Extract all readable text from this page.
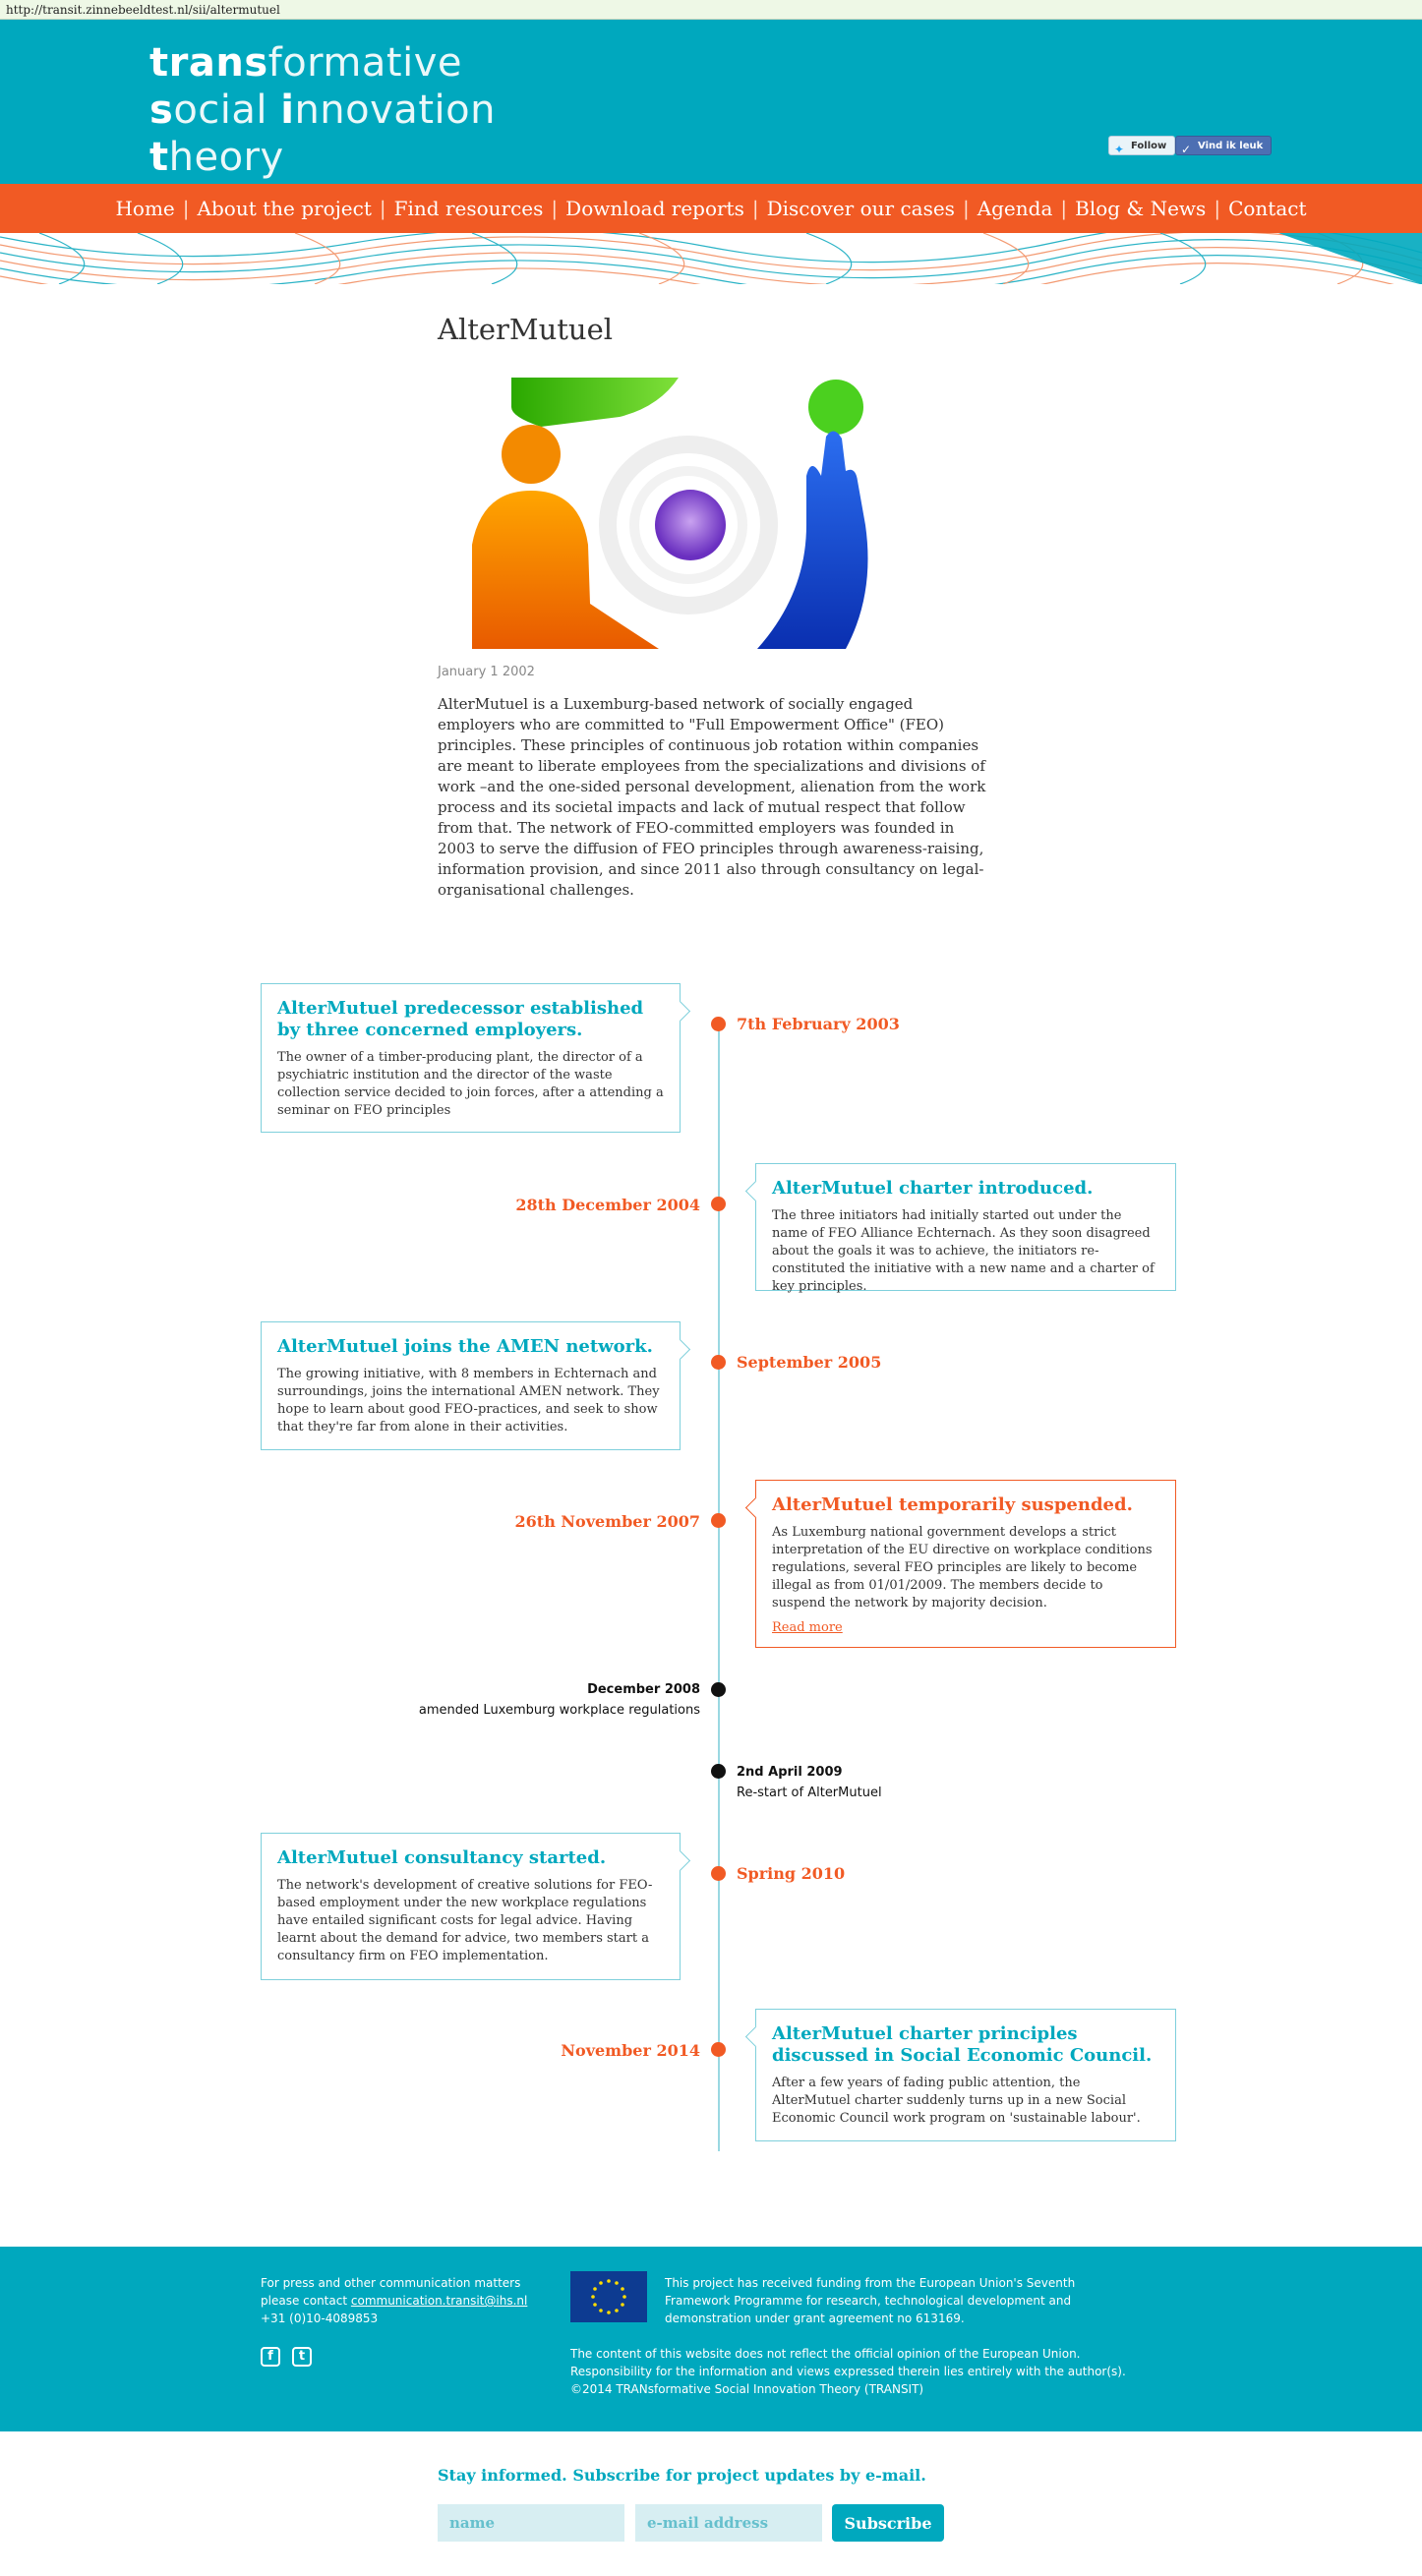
http://transit.zinnebeeldtest.nl/sii/altermutuel
transformative
social innovation
theory	✦ Follow	✓ Vind ik leuk
Home | About the project | Find resources | Download reports | Discover our cases | Agenda | Blog & News | Contact
AlterMutuel
January 1 2002
AlterMutuel is a Luxemburg-based network of socially engaged employers who are committed to "Full Empowerment Office" (FEO) principles. These principles of continuous job rotation within companies are meant to liberate employees from the specializations and divisions of work –and the one-sided personal development, alienation from the work process and its societal impacts and lack of mutual respect that follow from that. The network of FEO-committed employers was founded in 2003 to serve the diffusion of FEO principles through awareness-raising, information provision, and since 2011 also through consultancy on legal-organisational challenges.
AlterMutuel predecessor established by three concerned employers.

The owner of a timber-producing plant, the director of a psychiatric institution and the director of the waste collection service decided to join forces, after a attending a seminar on FEO principles

7th February 2003
AlterMutuel charter introduced.

The three initiators had initially started out under the name of FEO Alliance Echternach. As they soon disagreed about the goals it was to achieve, the initiators re-constituted the initiative with a new name and a charter of key principles.

28th December 2004
AlterMutuel joins the AMEN network.

The growing initiative, with 8 members in Echternach and surroundings, joins the international AMEN network. They hope to learn about good FEO-practices, and seek to show that they're far from alone in their activities.

September 2005
AlterMutuel temporarily suspended.

As Luxemburg national government develops a strict interpretation of the EU directive on workplace conditions regulations, several FEO principles are likely to become illegal as from 01/01/2009. The members decide to suspend the network by majority decision.

Read more
26th November 2007
December 2008
amended Luxemburg workplace regulations
2nd April 2009
Re-start of AlterMutuel
AlterMutuel consultancy started.

The network's development of creative solutions for FEO-based employment under the new workplace regulations have entailed significant costs for legal advice. Having learnt about the demand for advice, two members start a consultancy firm on FEO implementation.

Spring 2010
AlterMutuel charter principles discussed in Social Economic Council.

After a few years of fading public attention, the AlterMutuel charter suddenly turns up in a new Social Economic Council work program on 'sustainable labour'.

November 2014
For press and other communication matters please contact communication.transit@ihs.nl
+31 (0)10-4089853
f t
This project has received funding from the European Union's Seventh Framework Programme for research, technological development and demonstration under grant agreement no 613169.
The content of this website does not reflect the official opinion of the European Union. Responsibility for the information and views expressed therein lies entirely with the author(s).
©2014 TRANsformative Social Innovation Theory (TRANSIT)
Stay informed. Subscribe for project updates by e-mail.
name
e-mail address
Subscribe
